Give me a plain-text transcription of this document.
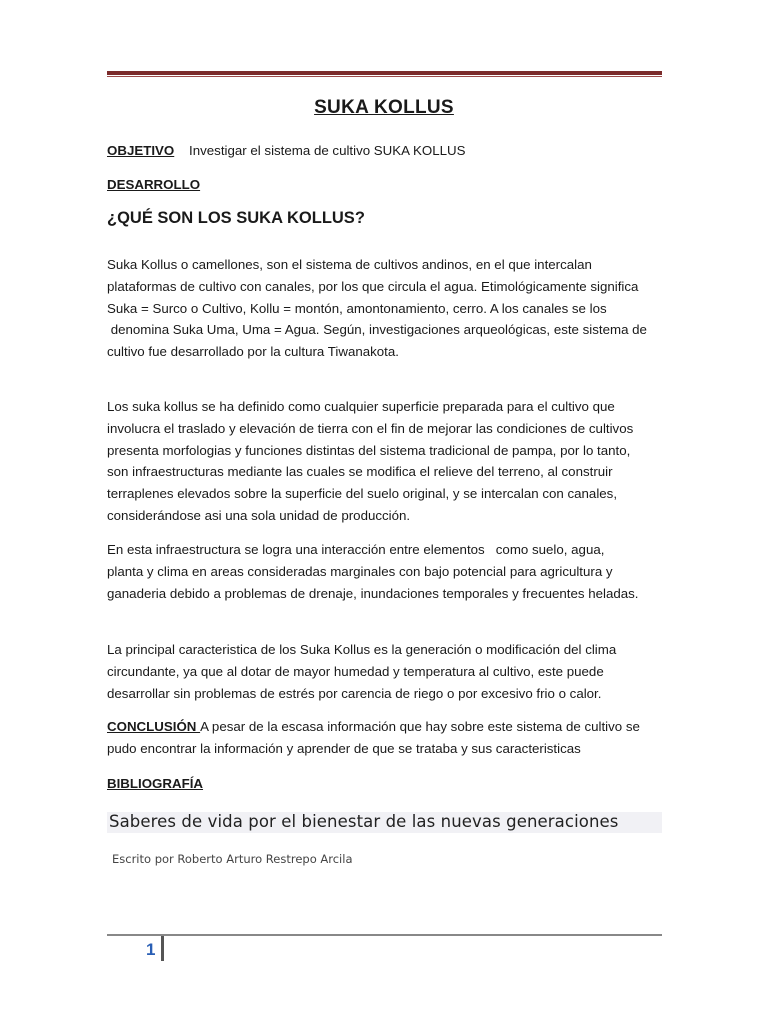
SUKA KOLLUS
OBJETIVO Investigar el sistema de cultivo SUKA KOLLUS
DESARROLLO
¿QUÉ SON LOS SUKA KOLLUS?
Suka Kollus o camellones, son el sistema de cultivos andinos, en el que intercalan
plataformas de cultivo con canales, por los que circula el agua. Etimológicamente significa
Suka = Surco o Cultivo, Kollu = montón, amontonamiento, cerro. A los canales se los
denomina Suka Uma, Uma = Agua. Según, investigaciones arqueológicas, este sistema de
cultivo fue desarrollado por la cultura Tiwanakota.
Los suka kollus se ha definido como cualquier superficie preparada para el cultivo que
involucra el traslado y elevación de tierra con el fin de mejorar las condiciones de cultivos
presenta morfologias y funciones distintas del sistema tradicional de pampa, por lo tanto,
son infraestructuras mediante las cuales se modifica el relieve del terreno, al construir
terraplenes elevados sobre la superficie del suelo original, y se intercalan con canales,
considerándose asi una sola unidad de producción.
En esta infraestructura se logra una interacción entre elementos   como suelo, agua,
planta y clima en areas consideradas marginales con bajo potencial para agricultura y
ganaderia debido a problemas de drenaje, inundaciones temporales y frecuentes heladas.
La principal caracteristica de los Suka Kollus es la generación o modificación del clima
circundante, ya que al dotar de mayor humedad y temperatura al cultivo, este puede
desarrollar sin problemas de estrés por carencia de riego o por excesivo frio o calor.
CONCLUSIÓN A pesar de la escasa información que hay sobre este sistema de cultivo se
pudo encontrar la información y aprender de que se trataba y sus caracteristicas
BIBLIOGRAFÍA
Saberes de vida por el bienestar de las nuevas generaciones
Escrito por Roberto Arturo Restrepo Arcila
1
